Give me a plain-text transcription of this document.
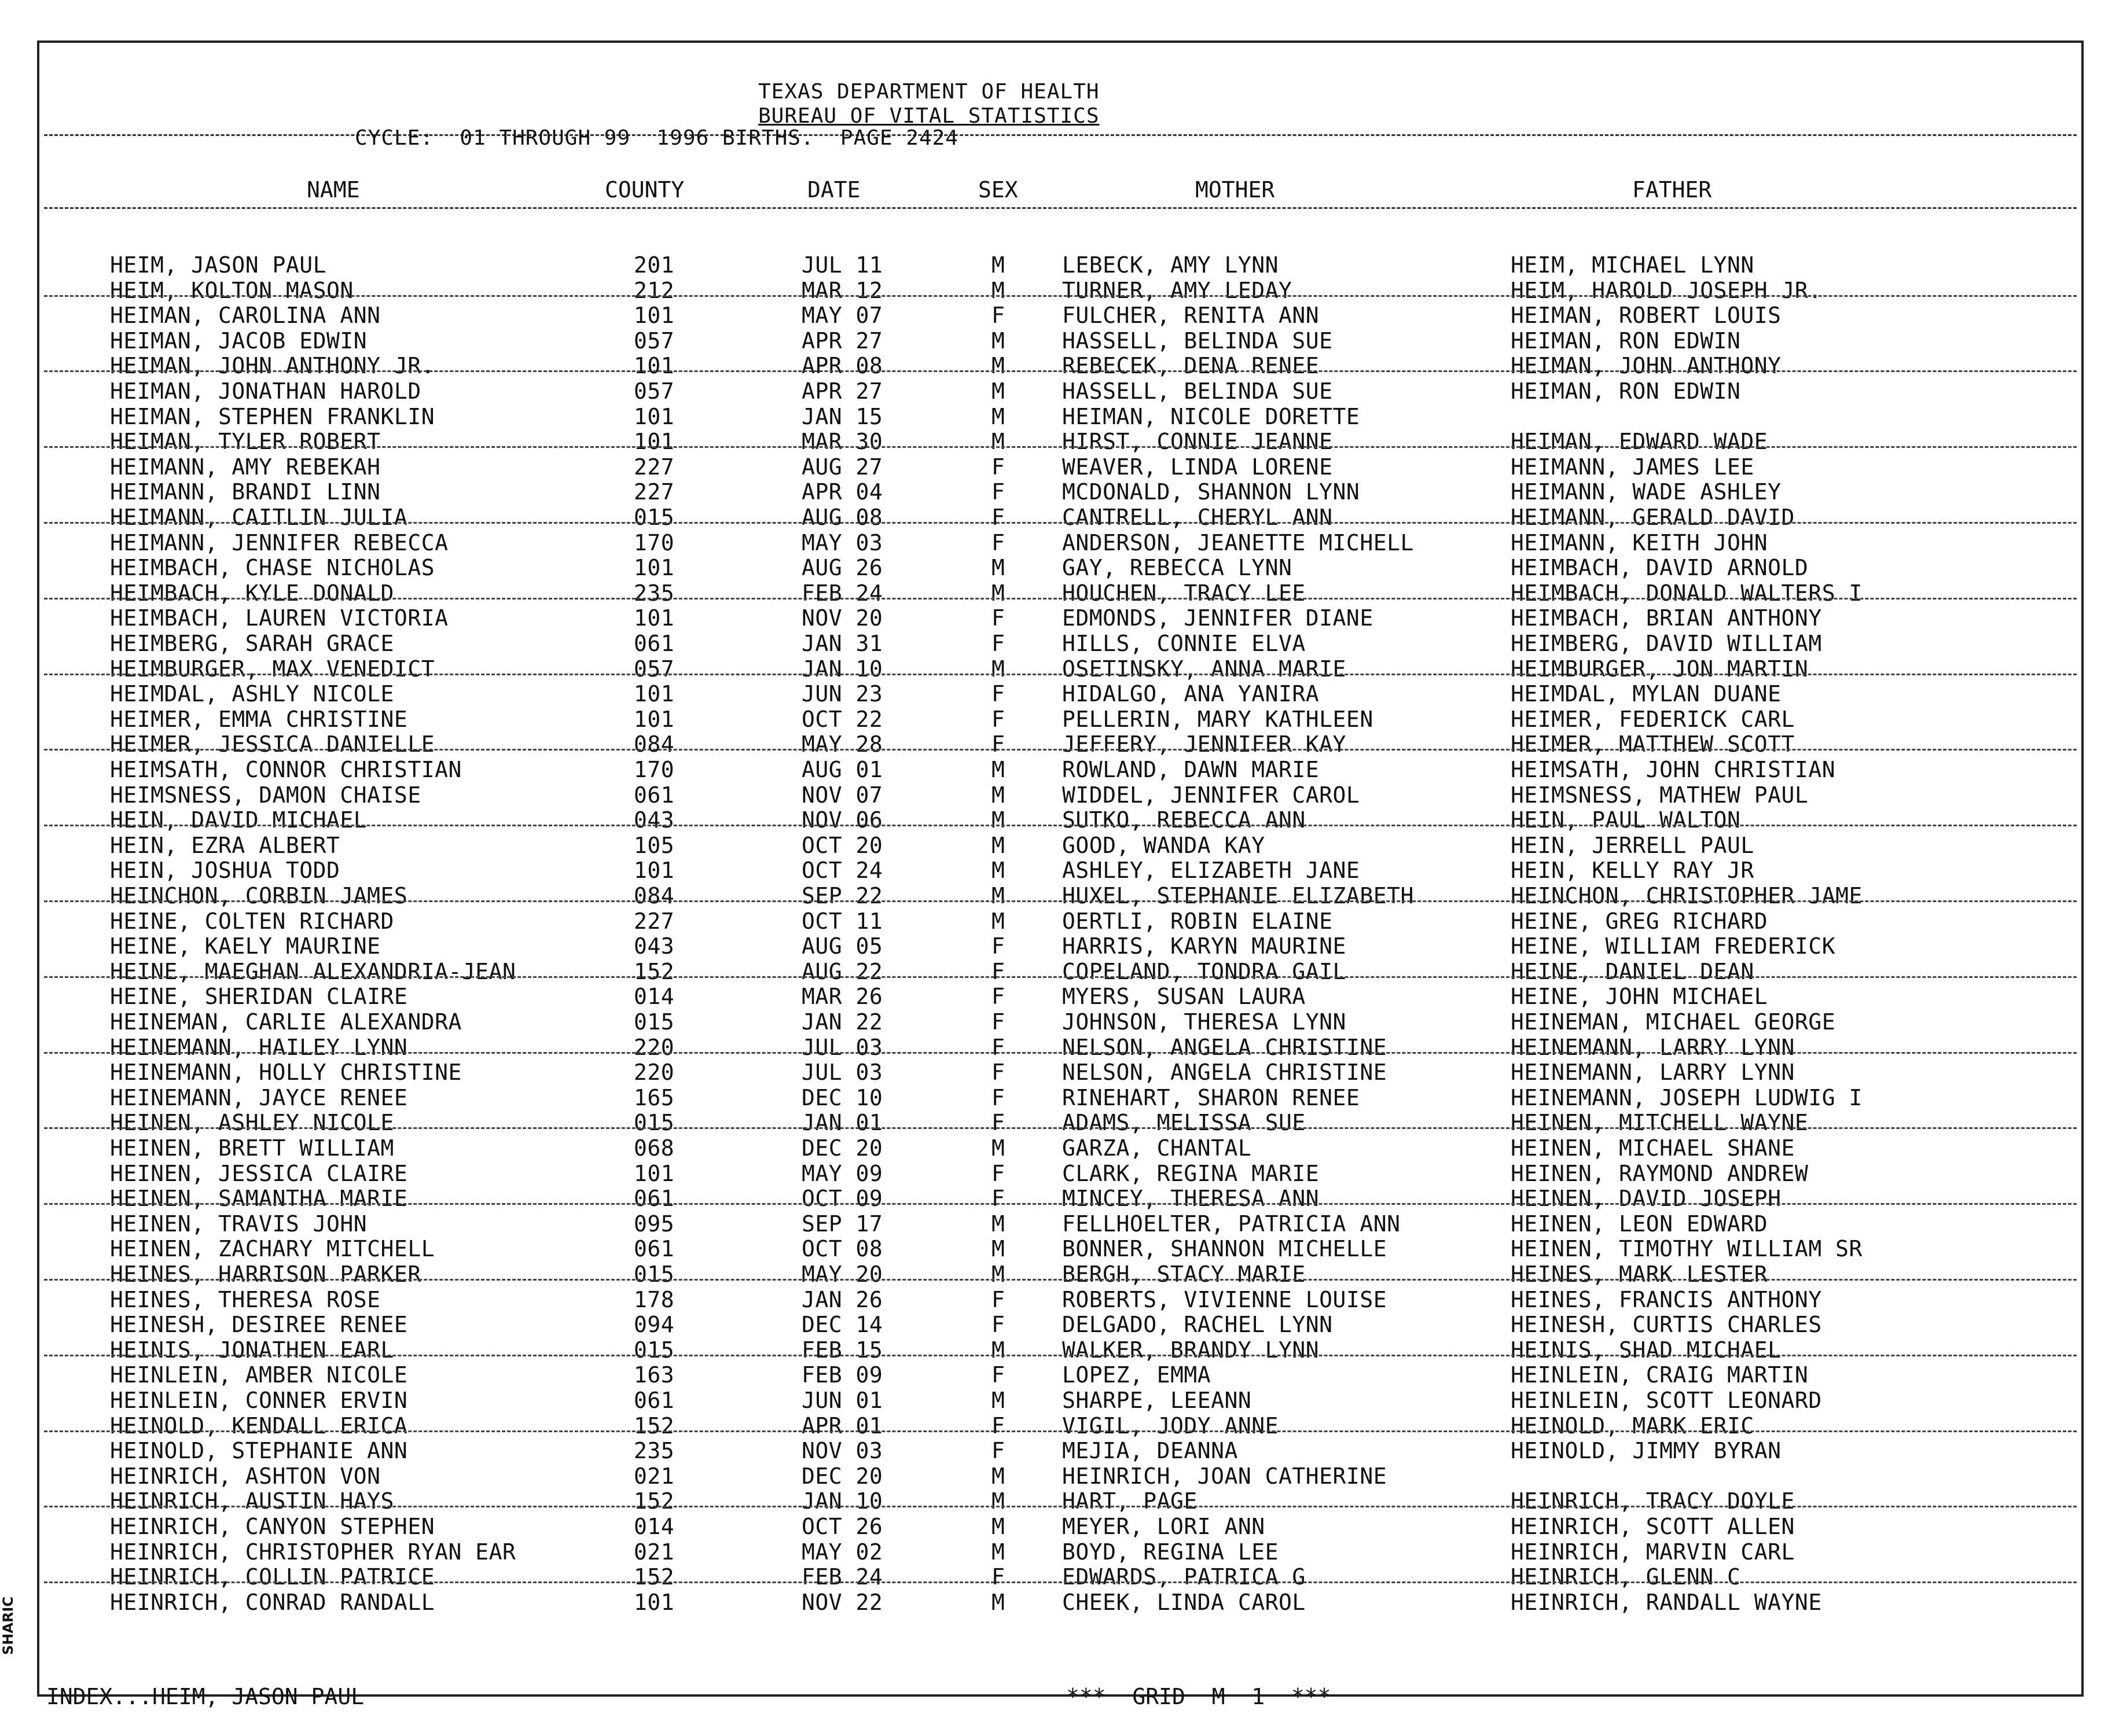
TEXAS DEPARTMENT OF HEALTH
BUREAU OF VITAL STATISTICS
CYCLE:  01 THROUGH 99  1996 BIRTHS.  PAGE 2424
NAME	COUNTY	DATE	SEX	MOTHER	FATHER
HEIM, JASON PAUL	201	JUL 11	M	LEBECK, AMY LYNN	HEIM, MICHAEL LYNN
HEIM, KOLTON MASON	212	MAR 12	M	TURNER, AMY LEDAY	HEIM, HAROLD JOSEPH JR.
HEIMAN, CAROLINA ANN	101	MAY 07	F	FULCHER, RENITA ANN	HEIMAN, ROBERT LOUIS
HEIMAN, JACOB EDWIN	057	APR 27	M	HASSELL, BELINDA SUE	HEIMAN, RON EDWIN
HEIMAN, JOHN ANTHONY JR.	101	APR 08	M	REBECEK, DENA RENEE	HEIMAN, JOHN ANTHONY
HEIMAN, JONATHAN HAROLD	057	APR 27	M	HASSELL, BELINDA SUE	HEIMAN, RON EDWIN
HEIMAN, STEPHEN FRANKLIN	101	JAN 15	M	HEIMAN, NICOLE DORETTE
HEIMAN, TYLER ROBERT	101	MAR 30	M	HIRST, CONNIE JEANNE	HEIMAN, EDWARD WADE
HEIMANN, AMY REBEKAH	227	AUG 27	F	WEAVER, LINDA LORENE	HEIMANN, JAMES LEE
HEIMANN, BRANDI LINN	227	APR 04	F	MCDONALD, SHANNON LYNN	HEIMANN, WADE ASHLEY
HEIMANN, CAITLIN JULIA	015	AUG 08	F	CANTRELL, CHERYL ANN	HEIMANN, GERALD DAVID
HEIMANN, JENNIFER REBECCA	170	MAY 03	F	ANDERSON, JEANETTE MICHELL	HEIMANN, KEITH JOHN
HEIMBACH, CHASE NICHOLAS	101	AUG 26	M	GAY, REBECCA LYNN	HEIMBACH, DAVID ARNOLD
HEIMBACH, KYLE DONALD	235	FEB 24	M	HOUCHEN, TRACY LEE	HEIMBACH, DONALD WALTERS I
HEIMBACH, LAUREN VICTORIA	101	NOV 20	F	EDMONDS, JENNIFER DIANE	HEIMBACH, BRIAN ANTHONY
HEIMBERG, SARAH GRACE	061	JAN 31	F	HILLS, CONNIE ELVA	HEIMBERG, DAVID WILLIAM
HEIMBURGER, MAX VENEDICT	057	JAN 10	M	OSETINSKY, ANNA MARIE	HEIMBURGER, JON MARTIN
HEIMDAL, ASHLY NICOLE	101	JUN 23	F	HIDALGO, ANA YANIRA	HEIMDAL, MYLAN DUANE
HEIMER, EMMA CHRISTINE	101	OCT 22	F	PELLERIN, MARY KATHLEEN	HEIMER, FEDERICK CARL
HEIMER, JESSICA DANIELLE	084	MAY 28	F	JEFFERY, JENNIFER KAY	HEIMER, MATTHEW SCOTT
HEIMSATH, CONNOR CHRISTIAN	170	AUG 01	M	ROWLAND, DAWN MARIE	HEIMSATH, JOHN CHRISTIAN
HEIMSNESS, DAMON CHAISE	061	NOV 07	M	WIDDEL, JENNIFER CAROL	HEIMSNESS, MATHEW PAUL
HEIN, DAVID MICHAEL	043	NOV 06	M	SUTKO, REBECCA ANN	HEIN, PAUL WALTON
HEIN, EZRA ALBERT	105	OCT 20	M	GOOD, WANDA KAY	HEIN, JERRELL PAUL
HEIN, JOSHUA TODD	101	OCT 24	M	ASHLEY, ELIZABETH JANE	HEIN, KELLY RAY JR
HEINCHON, CORBIN JAMES	084	SEP 22	M	HUXEL, STEPHANIE ELIZABETH	HEINCHON, CHRISTOPHER JAME
HEINE, COLTEN RICHARD	227	OCT 11	M	OERTLI, ROBIN ELAINE	HEINE, GREG RICHARD
HEINE, KAELY MAURINE	043	AUG 05	F	HARRIS, KARYN MAURINE	HEINE, WILLIAM FREDERICK
HEINE, MAEGHAN ALEXANDRIA-JEAN	152	AUG 22	F	COPELAND, TONDRA GAIL	HEINE, DANIEL DEAN
HEINE, SHERIDAN CLAIRE	014	MAR 26	F	MYERS, SUSAN LAURA	HEINE, JOHN MICHAEL
HEINEMAN, CARLIE ALEXANDRA	015	JAN 22	F	JOHNSON, THERESA LYNN	HEINEMAN, MICHAEL GEORGE
HEINEMANN, HAILEY LYNN	220	JUL 03	F	NELSON, ANGELA CHRISTINE	HEINEMANN, LARRY LYNN
HEINEMANN, HOLLY CHRISTINE	220	JUL 03	F	NELSON, ANGELA CHRISTINE	HEINEMANN, LARRY LYNN
HEINEMANN, JAYCE RENEE	165	DEC 10	F	RINEHART, SHARON RENEE	HEINEMANN, JOSEPH LUDWIG I
HEINEN, ASHLEY NICOLE	015	JAN 01	F	ADAMS, MELISSA SUE	HEINEN, MITCHELL WAYNE
HEINEN, BRETT WILLIAM	068	DEC 20	M	GARZA, CHANTAL	HEINEN, MICHAEL SHANE
HEINEN, JESSICA CLAIRE	101	MAY 09	F	CLARK, REGINA MARIE	HEINEN, RAYMOND ANDREW
HEINEN, SAMANTHA MARIE	061	OCT 09	F	MINCEY, THERESA ANN	HEINEN, DAVID JOSEPH
HEINEN, TRAVIS JOHN	095	SEP 17	M	FELLHOELTER, PATRICIA ANN	HEINEN, LEON EDWARD
HEINEN, ZACHARY MITCHELL	061	OCT 08	M	BONNER, SHANNON MICHELLE	HEINEN, TIMOTHY WILLIAM SR
HEINES, HARRISON PARKER	015	MAY 20	M	BERGH, STACY MARIE	HEINES, MARK LESTER
HEINES, THERESA ROSE	178	JAN 26	F	ROBERTS, VIVIENNE LOUISE	HEINES, FRANCIS ANTHONY
HEINESH, DESIREE RENEE	094	DEC 14	F	DELGADO, RACHEL LYNN	HEINESH, CURTIS CHARLES
HEINIS, JONATHEN EARL	015	FEB 15	M	WALKER, BRANDY LYNN	HEINIS, SHAD MICHAEL
HEINLEIN, AMBER NICOLE	163	FEB 09	F	LOPEZ, EMMA	HEINLEIN, CRAIG MARTIN
HEINLEIN, CONNER ERVIN	061	JUN 01	M	SHARPE, LEEANN	HEINLEIN, SCOTT LEONARD
HEINOLD, KENDALL ERICA	152	APR 01	F	VIGIL, JODY ANNE	HEINOLD, MARK ERIC
HEINOLD, STEPHANIE ANN	235	NOV 03	F	MEJIA, DEANNA	HEINOLD, JIMMY BYRAN
HEINRICH, ASHTON VON	021	DEC 20	M	HEINRICH, JOAN CATHERINE
HEINRICH, AUSTIN HAYS	152	JAN 10	M	HART, PAGE	HEINRICH, TRACY DOYLE
HEINRICH, CANYON STEPHEN	014	OCT 26	M	MEYER, LORI ANN	HEINRICH, SCOTT ALLEN
HEINRICH, CHRISTOPHER RYAN EAR	021	MAY 02	M	BOYD, REGINA LEE	HEINRICH, MARVIN CARL
HEINRICH, COLLIN PATRICE	152	FEB 24	F	EDWARDS, PATRICA G	HEINRICH, GLENN C
HEINRICH, CONRAD RANDALL	101	NOV 22	M	CHEEK, LINDA CAROL	HEINRICH, RANDALL WAYNE
INDEX...HEIM, JASON PAUL	***  GRID  M  1  ***
SHARIC
